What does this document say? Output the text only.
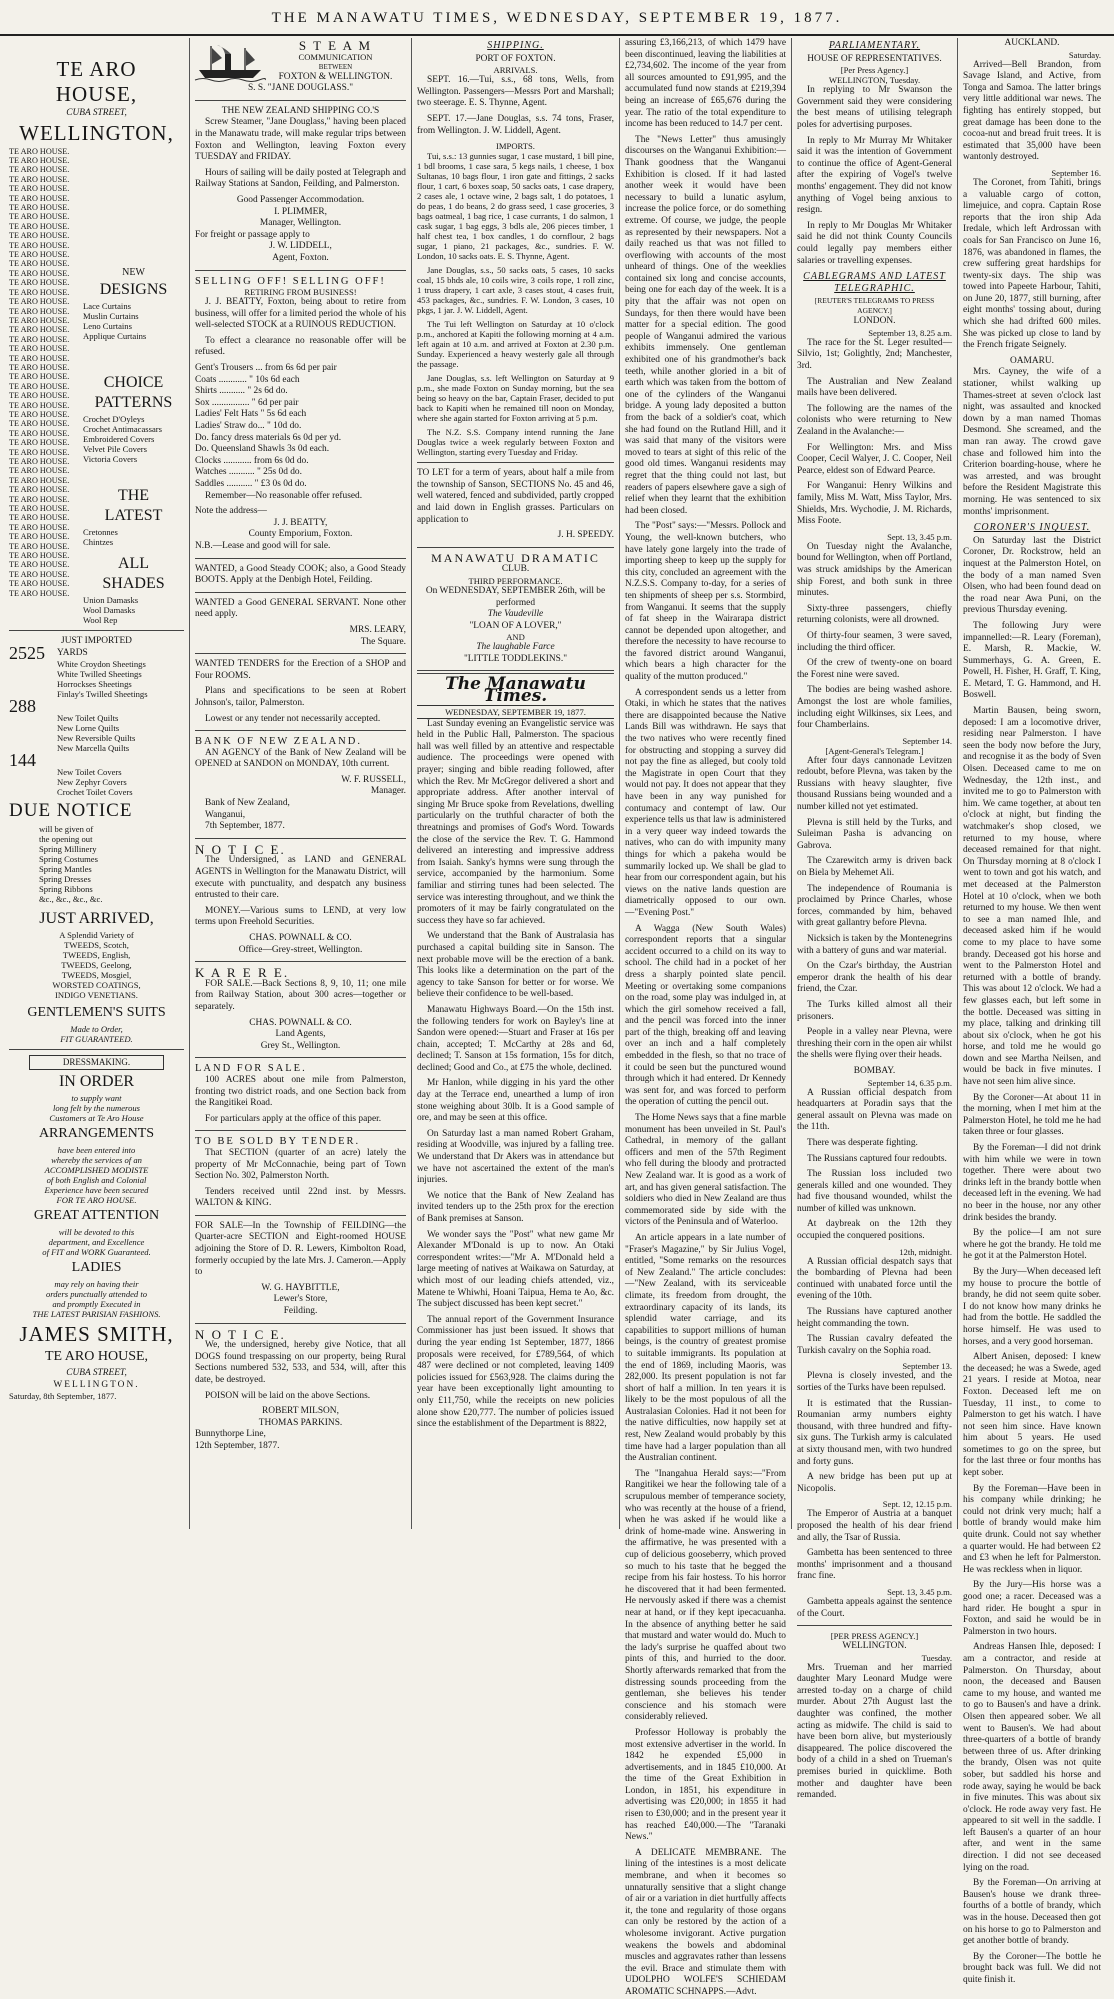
THE MANAWATU TIMES, WEDNESDAY, SEPTEMBER 19, 1877.
TE ARO
HOUSE,
CUBA STREET,
WELLINGTON,
TE ARO HOUSE.
TE ARO HOUSE.
TE ARO HOUSE.
TE ARO HOUSE.
TE ARO HOUSE.
TE ARO HOUSE.
TE ARO HOUSE.
TE ARO HOUSE.
TE ARO HOUSE.
TE ARO HOUSE.
TE ARO HOUSE.
TE ARO HOUSE.
TE ARO HOUSE.
TE ARO HOUSE.
TE ARO HOUSE.
TE ARO HOUSE.
TE ARO HOUSE.
TE ARO HOUSE.
TE ARO HOUSE.
TE ARO HOUSE.
TE ARO HOUSE.
TE ARO HOUSE.
TE ARO HOUSE.
TE ARO HOUSE.
NEW
DESIGNS
Lace Curtains
Muslin Curtains
Leno Curtains
Applique Curtains
TE ARO HOUSE.
TE ARO HOUSE.
TE ARO HOUSE.
TE ARO HOUSE.
TE ARO HOUSE.
TE ARO HOUSE.
TE ARO HOUSE.
TE ARO HOUSE.
TE ARO HOUSE.
TE ARO HOUSE.
TE ARO HOUSE.
TE ARO HOUSE.
CHOICE
PATTERNS
Crochet D'Oyleys
Crochet Antimacassars
Embroidered Covers
Velvet Pile Covers
Victoria Covers
TE ARO HOUSE.
TE ARO HOUSE.
TE ARO HOUSE.
TE ARO HOUSE.
TE ARO HOUSE.
TE ARO HOUSE.
TE ARO HOUSE.
TE ARO HOUSE.
TE ARO HOUSE.
TE ARO HOUSE.
TE ARO HOUSE.
TE ARO HOUSE.
THE
LATEST
Cretonnes
Chintzes
ALL
SHADES
Union Damasks
Wool Damasks
Wool Rep
JUST IMPORTED
2525	YARDS
White Croydon Sheetings
White Twilled Sheetings
Horrockses Sheetings
Finlay's Twilled Sheetings
288
New Toilet Quilts
New Lorne Quilts
New Reversible Quilts
New Marcella Quilts
144
New Toilet Covers
New Zephyr Covers
Crochet Toilet Covers
DUE NOTICE
will be given of
the opening out
Spring Millinery
Spring Costumes
Spring Mantles
Spring Dresses
Spring Ribbons
&c., &c., &c., &c.
JUST ARRIVED,
A Splendid Variety of
TWEEDS, Scotch,
TWEEDS, English,
TWEEDS, Geelong,
TWEEDS, Mosgiel,
WORSTED COATINGS,
INDIGO VENETIANS.
GENTLEMEN'S SUITS
Made to Order,
FIT GUARANTEED.
DRESSMAKING.
IN ORDER
to supply want
long felt by the numerous
Customers at Te Aro House
ARRANGEMENTS
have been entered into
whereby the services of an
ACCOMPLISHED MODISTE
of both English and Colonial
Experience have been secured
FOR TE ARO HOUSE.
GREAT ATTENTION
will be devoted to this
department, and Excellence
of FIT and WORK Guaranteed.
LADIES
may rely on having their
orders punctually attended to
and promptly Executed in
THE LATEST PARISIAN FASHIONS.
JAMES SMITH,
TE ARO HOUSE,
CUBA STREET,
WELLINGTON.
Saturday, 8th September, 1877.
S T E A M
COMMUNICATION
BETWEEN
FOXTON & WELLINGTON.
S. S. "JANE DOUGLASS."
THE NEW ZEALAND SHIPPING CO.'S

Screw Steamer, "Jane Douglass," having been placed in the Manawatu trade, will make regular trips between Foxton and Wellington, leaving Foxton every TUESDAY and FRIDAY.

Hours of sailing will be daily posted at Telegraph and Railway Stations at Sandon, Feilding, and Palmerston.

Good Passenger Accommodation.
I. PLIMMER,
Manager, Wellington.
For freight or passage apply to
J. W. LIDDELL,
Agent, Foxton.
SELLING OFF! SELLING OFF!
RETIRING FROM BUSINESS!

J. J. BEATTY, Foxton, being about to retire from business, will offer for a limited period the whole of his well-selected STOCK at a RUINOUS REDUCTION.

To effect a clearance no reasonable offer will be refused.

Gent's Trousers ... from 6s 6d per pair
Coats ............ " 10s 6d each
Shirts ........... " 2s 6d do.
Sox ................ " 6d per pair
Ladies' Felt Hats " 5s 6d each
Ladies' Straw do... " 10d do.
Do. fancy dress materials 6s 0d per yd.
Do. Queensland Shawls 3s 0d each.
Clocks ............ from 6s 0d do.
Watches ........... " 25s 0d do.
Saddles ........... " £3 0s 0d do.

Remember—No reasonable offer refused.

Note the address—
J. J. BEATTY,
County Emporium, Foxton.
N.B.—Lease and good will for sale.

WANTED, a Good Steady COOK; also, a Good Steady BOOTS. Apply at the Denbigh Hotel, Feilding.

WANTED a Good GENERAL SERVANT. None other need apply.

MRS. LEARY,
The Square.

WANTED TENDERS for the Erection of a SHOP and Four ROOMS.

Plans and specifications to be seen at Robert Johnson's, tailor, Palmerston.

Lowest or any tender not necessarily accepted.

BANK OF NEW ZEALAND.

AN AGENCY of the Bank of New Zealand will be OPENED at SANDON on MONDAY, 10th current.

W. F. RUSSELL,
Manager.
Bank of New Zealand,
Wanganui,
7th September, 1877.
N O T I C E.

The Undersigned, as LAND and GENERAL AGENTS in Wellington for the Manawatu District, will execute with punctuality, and despatch any business entrusted to their care.

MONEY.—Various sums to LEND, at very low terms upon Freehold Securities.

CHAS. POWNALL & CO.
Office—Grey-street, Wellington.
K A R E R E.

FOR SALE.—Back Sections 8, 9, 10, 11; one mile from Railway Station, about 300 acres—together or separately.

CHAS. POWNALL & CO.
Land Agents,
Grey St., Wellington.
LAND FOR SALE.

100 ACRES about one mile from Palmerston, fronting two district roads, and one Section back from the Rangitikei Road.

For particulars apply at the office of this paper.

TO BE SOLD BY TENDER.

That SECTION (quarter of an acre) lately the property of Mr McConnachie, being part of Town Section No. 302, Palmerston North.

Tenders received until 22nd inst. by Messrs. WALTON & KING.

FOR SALE—In the Township of FEILDING—the Quarter-acre SECTION and Eight-roomed HOUSE adjoining the Store of D. R. Lewers, Kimbolton Road, formerly occupied by the late Mrs. J. Cameron.—Apply to

W. G. HAYBITTLE,
Lewer's Store,
Feilding.
N O T I C E.

We, the undersigned, hereby give Notice, that all DOGS found trespassing on our property, being Rural Sections numbered 532, 533, and 534, will, after this date, be destroyed.

POISON will be laid on the above Sections.

ROBERT MILSON,
THOMAS PARKINS.
Bunnythorpe Line,
12th September, 1877.
SHIPPING.
PORT OF FOXTON.
ARRIVALS.

SEPT. 16.—Tui, s.s., 68 tons, Wells, from Wellington. Passengers—Messrs Port and Marshall; two steerage. E. S. Thynne, Agent.

SEPT. 17.—Jane Douglas, s.s. 74 tons, Fraser, from Wellington. J. W. Liddell, Agent.

IMPORTS.

Tui, s.s.: 13 gunnies sugar, 1 case mustard, 1 bill pine, 1 bdl brooms, 1 case sara, 5 kegs nails, 1 cheese, 1 box Sultanas, 10 bags flour, 1 iron gate and fittings, 2 sacks flour, 1 cart, 6 boxes soap, 50 sacks oats, 1 case drapery, 2 cases ale, 1 octave wine, 2 bags salt, 1 do potatoes, 1 do peas, 1 do beans, 2 do grass seed, 1 case groceries, 3 bags oatmeal, 1 bag rice, 1 case currants, 1 do salmon, 1 cask sugar, 1 bag eggs, 3 bdls ale, 206 pieces timber, 1 half chest tea, 1 box candles, 1 do cornflour, 2 bags sugar, 1 piano, 21 packages, &c., sundries. F. W. London, 10 sacks oats. E. S. Thynne, Agent.

Jane Douglas, s.s., 50 sacks oats, 5 cases, 10 sacks coal, 15 bhds ale, 10 coils wire, 3 coils rope, 1 roll zinc, 1 truss drapery, 1 cart axle, 3 cases stout, 4 cases fruit, 453 packages, &c., sundries. F. W. London, 3 cases, 10 pkgs, 1 jar. J. W. Liddell, Agent.

The Tui left Wellington on Saturday at 10 o'clock p.m., anchored at Kapiti the following morning at 4 a.m. left again at 10 a.m. and arrived at Foxton at 2.30 p.m. Sunday. Experienced a heavy westerly gale all through the passage.

Jane Douglas, s.s. left Wellington on Saturday at 9 p.m., she made Foxton on Sunday morning, but the sea being so heavy on the bar, Captain Fraser, decided to put back to Kapiti when he remained till noon on Monday, where she again started for Foxton arriving at 5 p.m.

The N.Z. S.S. Company intend running the Jane Douglas twice a week regularly between Foxton and Wellington, starting every Tuesday and Friday.

TO LET for a term of years, about half a mile from the township of Sanson, SECTIONS No. 45 and 46, well watered, fenced and subdivided, partly cropped and laid down in English grasses. Particulars on application to

J. H. SPEEDY.
MANAWATU DRAMATIC
CLUB.
THIRD PERFORMANCE.
On WEDNESDAY, SEPTEMBER 26th, will be performed
The Vaudeville
"LOAN OF A LOVER,"
AND
The laughable Farce
"LITTLE TODDLEKINS."
The Manawatu Times.
WEDNESDAY, SEPTEMBER 19, 1877.

Last Sunday evening an Evangelistic service was held in the Public Hall, Palmerston. The spacious hall was well filled by an attentive and respectable audience. The proceedings were opened with prayer; singing and bible reading followed, after which the Rev. Mr McGregor delivered a short and appropriate address. After another interval of singing Mr Bruce spoke from Revelations, dwelling particularly on the truthful character of both the threatnings and promises of God's Word. Towards the close of the service the Rev. T. G. Hammond delivered an interesting and impressive address from Isaiah. Sanky's hymns were sung through the service, accompanied by the harmonium. Some familiar and stirring tunes had been selected. The service was interesting throughout, and we think the promoters of it may be fairly congratulated on the success they have so far achieved.

We understand that the Bank of Australasia has purchased a capital building site in Sanson. The next probable move will be the erection of a bank. This looks like a determination on the part of the agency to take Sanson for better or for worse. We believe their confidence to be well-based.

Manawatu Highways Board.—On the 15th inst. the following tenders for work on Bayley's line at Sandon were opened:—Stuart and Fraser at 16s per chain, accepted; T. McCarthy at 28s and 6d, declined; T. Sanson at 15s formation, 15s for ditch, declined; Good and Co., at £75 the whole, declined.

Mr Hanlon, while digging in his yard the other day at the Terrace end, unearthed a lump of iron stone weighing about 30lb. It is a Good sample of ore, and may be seen at this office.

On Saturday last a man named Robert Graham, residing at Woodville, was injured by a falling tree. We understand that Dr Akers was in attendance but we have not ascertained the extent of the man's injuries.

We notice that the Bank of New Zealand has invited tenders up to the 25th prox for the erection of Bank premises at Sanson.

We wonder says the "Post" what new game Mr Alexander M'Donald is up to now. An Otaki correspondent writes:—"Mr A. M'Donald held a large meeting of natives at Waikawa on Saturday, at which most of our leading chiefs attended, viz., Matene te Whiwhi, Hoani Taipua, Hema te Ao, &c. The subject discussed has been kept secret."

The annual report of the Government Insurance Commissioner has just been issued. It shows that during the year ending 1st September, 1877, 1866 proposals were received, for £789,564, of which 487 were declined or not completed, leaving 1409 policies issued for £563,928. The claims during the year have been exceptionally light amounting to only £11,750, while the receipts on new policies alone show £20,777. The number of policies issued since the establishment of the Department is 8822,

assuring £3,166,213, of which 1479 have been discontinued, leaving the liabilities at £2,734,602. The income of the year from all sources amounted to £91,995, and the accumulated fund now stands at £219,394 being an increase of £65,676 during the year. The ratio of the total expenditure to income has been reduced to 14.7 per cent.

The "News Letter" thus amusingly discourses on the Wanganui Exhibition:—Thank goodness that the Wanganui Exhibition is closed. If it had lasted another week it would have been necessary to build a lunatic asylum, increase the police force, or do something extreme. Of course, we judge, the people as represented by their newspapers. Not a daily reached us that was not filled to overflowing with accounts of the most unheard of things. One of the weeklies contained six long and concise accounts, being one for each day of the week. It is a pity that the affair was not open on Sundays, for then there would have been matter for a special edition. The good people of Wanganui admired the various exhibits immensely. One gentleman exhibited one of his grandmother's back teeth, while another gloried in a bit of earth which was taken from the bottom of one of the cylinders of the Wanganui bridge. A young lady deposited a button from the back of a soldier's coat, which she had found on the Rutland Hill, and it was said that many of the visitors were moved to tears at sight of this relic of the good old times. Wanganui residents may regret that the thing could not last, but readers of papers elsewhere gave a sigh of relief when they learnt that the exhibition had been closed.

The "Post" says:—"Messrs. Pollock and Young, the well-known butchers, who have lately gone largely into the trade of importing sheep to keep up the supply for this city, concluded an agreement with the N.Z.S.S. Company to-day, for a series of ten shipments of sheep per s.s. Stormbird, from Wanganui. It seems that the supply of fat sheep in the Wairarapa district cannot be depended upon altogether, and therefore the necessity to have recourse to the favored district around Wanganui, which bears a high character for the quality of the mutton produced."

A correspondent sends us a letter from Otaki, in which he states that the natives there are disappointed because the Native Lands Bill was withdrawn. He says that the two natives who were recently fined for obstructing and stopping a survey did not pay the fine as alleged, but cooly told the Magistrate in open Court that they would not pay. It does not appear that they have been in any way punished for contumacy and contempt of law. Our experience tells us that law is administered in a very queer way indeed towards the natives, who can do with impunity many things for which a pakeha would be summarily locked up. We shall be glad to hear from our correspondent again, but his views on the native lands question are diametrically opposed to our own.—"Evening Post."

A Wagga (New South Wales) correspondent reports that a singular accident occurred to a child on its way to school. The child had in a pocket of her dress a sharply pointed slate pencil. Meeting or overtaking some companions on the road, some play was indulged in, at which the girl somehow received a fall, and the pencil was forced into the inner part of the thigh, breaking off and leaving over an inch and a half completely embedded in the flesh, so that no trace of it could be seen but the punctured wound through which it had entered. Dr Kennedy was sent for, and was forced to perform the operation of cutting the pencil out.

The Home News says that a fine marble monument has been unveiled in St. Paul's Cathedral, in memory of the gallant officers and men of the 57th Regiment who fell during the bloody and protracted New Zealand war. It is good as a work of art, and has given general satisfaction. The soldiers who died in New Zealand are thus commemorated side by side with the victors of the Peninsula and of Waterloo.

An article appears in a late number of "Fraser's Magazine," by Sir Julius Vogel, entitled, "Some remarks on the resources of New Zealand." The article concludes:—"New Zealand, with its serviceable climate, its freedom from drought, the extraordinary capacity of its lands, its splendid water carriage, and its capabilities to support millions of human beings, is the country of greatest promise to suitable immigrants. Its population at the end of 1869, including Maoris, was 282,000. Its present population is not far short of half a million. In ten years it is likely to be the most populous of all the Australasian Colonies. Had it not been for the native difficulties, now happily set at rest, New Zealand would probably by this time have had a larger population than all the Australian continent.

The "Inangahua Herald says:—"From Rangitikei we hear the following tale of a scrupulous member of temperance society, who was recently at the house of a friend, when he was asked if he would like a drink of home-made wine. Answering in the affirmative, he was presented with a cup of delicious gooseberry, which proved so much to his taste that he begged the recipe from his fair hostess. To his horror he discovered that it had been fermented. He nervously asked if there was a chemist near at hand, or if they kept ipecacuanha. In the absence of anything better he said that mustard and water would do. Much to the lady's surprise he quaffed about two pints of this, and hurried to the door. Shortly afterwards remarked that from the distressing sounds proceeding from the gentleman, she believes his tender conscience and his stomach were considerably relieved.

Professor Holloway is probably the most extensive advertiser in the world. In 1842 he expended £5,000 in advertisements, and in 1845 £10,000. At the time of the Great Exhibition in London, in 1851, his expenditure in advertising was £20,000; in 1855 it had risen to £30,000; and in the present year it has reached £40,000.—The "Taranaki News."

A DELICATE MEMBRANE. The lining of the intestines is a most delicate membrane, and when it becomes so unnaturally sensitive that a slight change of air or a variation in diet hurtfully affects it, the tone and regularity of those organs can only be restored by the action of a wholesome invigorant. Active purgation weakens the bowels and abdominal muscles and aggravates rather than lessens the evil. Brace and stimulate them with UDOLPHO WOLFE'S SCHIEDAM AROMATIC SCHNAPPS.—Advt.

PARLIAMENTARY.
HOUSE OF REPRESENTATIVES.
[Per Press Agency.]
WELLINGTON, Tuesday.

In replying to Mr Swanson the Government said they were considering the best means of utilising telegraph poles for advertising purposes.

In reply to Mr Murray Mr Whitaker said it was the intention of Government to continue the office of Agent-General after the expiring of Vogel's twelve months' engagement. They did not know anything of Vogel being anxious to resign.

In reply to Mr Douglas Mr Whitaker said he did not think County Councils could legally pay members either salaries or travelling expenses.

CABLEGRAMS AND LATEST TELEGRAPHIC.
[REUTER'S TELEGRAMS TO PRESS AGENCY.]
LONDON.
September 13, 8.25 a.m.

The race for the St. Leger resulted—Silvio, 1st; Golightly, 2nd; Manchester, 3rd.

The Australian and New Zealand mails have been delivered.

The following are the names of the colonists who were returning to New Zealand in the Avalanche:—

For Wellington: Mrs. and Miss Cooper, Cecil Walyer, J. C. Cooper, Neil Pearce, eldest son of Edward Pearce.

For Wanganui: Henry Wilkins and family, Miss M. Watt, Miss Taylor, Mrs. Shields, Mrs. Wychodie, J. M. Richards, Miss Foote.

Sept. 13, 3.45 p.m.

On Tuesday night the Avalanche, bound for Wellington, when off Portland, was struck amidships by the American ship Forest, and both sunk in three minutes.

Sixty-three passengers, chiefly returning colonists, were all drowned.

Of thirty-four seamen, 3 were saved, including the third officer.

Of the crew of twenty-one on board the Forest nine were saved.

The bodies are being washed ashore. Amongst the lost are whole families, including eight Wilkinses, six Lees, and four Chamberlains.

September 14.
[Agent-General's Telegram.]

After four days cannonade Levitzen redoubt, before Plevna, was taken by the Russians with heavy slaughter, five thousand Russians being wounded and a number killed not yet estimated.

Plevna is still held by the Turks, and Suleiman Pasha is advancing on Gabrova.

The Czarewitch army is driven back on Biela by Mehemet Ali.

The independence of Roumania is proclaimed by Prince Charles, whose forces, commanded by him, behaved with great gallantry before Plevna.

Nicksich is taken by the Montenegrins with a battery of guns and war material.

On the Czar's birthday, the Austrian emperor drank the health of his dear friend, the Czar.

The Turks killed almost all their prisoners.

People in a valley near Plevna, were threshing their corn in the open air whilst the shells were flying over their heads.

BOMBAY.
September 14, 6.35 p.m.

A Russian official despatch from headquarters at Poradin says that the general assault on Plevna was made on the 11th.

There was desperate fighting.

The Russians captured four redoubts.

The Russian loss included two generals killed and one wounded. They had five thousand wounded, whilst the number of killed was unknown.

At daybreak on the 12th they occupied the conquered positions.

12th, midnight.

A Russian official despatch says that the bombarding of Plevna had been continued with unabated force until the evening of the 10th.

The Russians have captured another height commanding the town.

The Russian cavalry defeated the Turkish cavalry on the Sophia road.

September 13.

Plevna is closely invested, and the sorties of the Turks have been repulsed.

It is estimated that the Russian-Roumanian army numbers eighty thousand, with three hundred and fifty-six guns. The Turkish army is calculated at sixty thousand men, with two hundred and forty guns.

A new bridge has been put up at Nicopolis.

Sept. 12, 12.15 p.m.

The Emperor of Austria at a banquet proposed the health of his dear friend and ally, the Tsar of Russia.

Gambetta has been sentenced to three months' imprisonment and a thousand franc fine.

Sept. 13, 3.45 p.m.

Gambetta appeals against the sentence of the Court.

[PER PRESS AGENCY.]
WELLINGTON.
Tuesday.

Mrs. Trueman and her married daughter Mary Leonard Mudge were arrested to-day on a charge of child murder. About 27th August last the daughter was confined, the mother acting as midwife. The child is said to have been born alive, but mysteriously disappeared. The police discovered the body of a child in a shed on Trueman's premises buried in quicklime. Both mother and daughter have been remanded.

AUCKLAND.
Saturday.

Arrived—Bell Brandon, from Savage Island, and Active, from Tonga and Samoa. The latter brings very little additional war news. The fighting has entirely stopped, but great damage has been done to the cocoa-nut and bread fruit trees. It is estimated that 35,000 have been wantonly destroyed.

September 16.

The Coronet, from Tahiti, brings a valuable cargo of cotton, limejuice, and copra. Captain Rose reports that the iron ship Ada Iredale, which left Ardrossan with coals for San Francisco on June 16, 1876, was abandoned in flames, the crew suffering great hardships for twenty-six days. The ship was towed into Papeete Harbour, Tahiti, on June 20, 1877, still burning, after eight months' tossing about, during which she had drifted 600 miles. She was picked up close to land by the French frigate Seignely.

OAMARU.

Mrs. Cayney, the wife of a stationer, whilst walking up Thames-street at seven o'clock last night, was assaulted and knocked down by a man named Thomas Desmond. She screamed, and the man ran away. The crowd gave chase and followed him into the Criterion boarding-house, where he was arrested, and was brought before the Resident Magistrate this morning. He was sentenced to six months' imprisonment.

CORONER'S INQUEST.

On Saturday last the District Coroner, Dr. Rockstrow, held an inquest at the Palmerston Hotel, on the body of a man named Sven Olsen, who had been found dead on the road near Awa Puni, on the previous Thursday evening.

The following Jury were impannelled:—R. Leary (Foreman), E. Marsh, R. Mackie, W. Summerhays, G. A. Green, E. Powell, H. Fisher, H. Graff, T. King, E. Metard, T. G. Hammond, and H. Boswell.

Martin Bausen, being sworn, deposed: I am a locomotive driver, residing near Palmerston. I have seen the body now before the Jury, and recognise it as the body of Sven Olsen. Deceased came to me on Wednesday, the 12th inst., and invited me to go to Palmerston with him. We came together, at about ten o'clock at night, but finding the watchmaker's shop closed, we returned to my house, where deceased remained for that night. On Thursday morning at 8 o'clock I went to town and got his watch, and met deceased at the Palmerston Hotel at 10 o'clock, when we both returned to my house. We then went to see a man named Ihle, and deceased asked him if he would come to my place to have some brandy. Deceased got his horse and went to the Palmerston Hotel and returned with a bottle of brandy. This was about 12 o'clock. We had a few glasses each, but left some in the bottle. Deceased was sitting in my place, talking and drinking till about six o'clock, when he got his horse, and told me he would go down and see Martha Neilsen, and would be back in five minutes. I have not seen him alive since.

By the Coroner—At about 11 in the morning, when I met him at the Palmerston Hotel, he told me he had taken three or four glasses.

By the Foreman—I did not drink with him while we were in town together. There were about two drinks left in the brandy bottle when deceased left in the evening. We had no beer in the house, nor any other drink besides the brandy.

By the police—I am not sure where he got the brandy. He told me he got it at the Palmerston Hotel.

By the Jury—When deceased left my house to procure the bottle of brandy, he did not seem quite sober. I do not know how many drinks he had from the bottle. He saddled the horse himself. He was used to horses, and a very good horseman.

Albert Anisen, deposed: I knew the deceased; he was a Swede, aged 21 years. I reside at Motoa, near Foxton. Deceased left me on Tuesday, 11 inst., to come to Palmerston to get his watch. I have not seen him since. Have known him about 5 years. He used sometimes to go on the spree, but for the last three or four months has kept sober.

By the Foreman—Have been in his company while drinking; he could not drink very much; half a bottle of brandy would make him quite drunk. Could not say whether a quarter would. He had between £2 and £3 when he left for Palmerston. He was reckless when in liquor.

By the Jury—His horse was a good one; a racer. Deceased was a hard rider. He bought a spur in Foxton, and said he would be in Palmerston in two hours.

Andreas Hansen Ihle, deposed: I am a contractor, and reside at Palmerston. On Thursday, about noon, the deceased and Bausen came to my house, and wanted me to go to Bausen's and have a drink. Olsen then appeared sober. We all went to Bausen's. We had about three-quarters of a bottle of brandy between three of us. After drinking the brandy, Olsen was not quite sober, but saddled his horse and rode away, saying he would be back in five minutes. This was about six o'clock. He rode away very fast. He appeared to sit well in the saddle. I left Bausen's a quarter of an hour after, and went in the same direction. I did not see deceased lying on the road.

By the Foreman—On arriving at Bausen's house we drank three-fourths of a bottle of brandy, which was in the house. Deceased then got on his horse to go to Palmerston and get another bottle of brandy.

By the Coroner—The bottle he brought back was full. We did not quite finish it.
